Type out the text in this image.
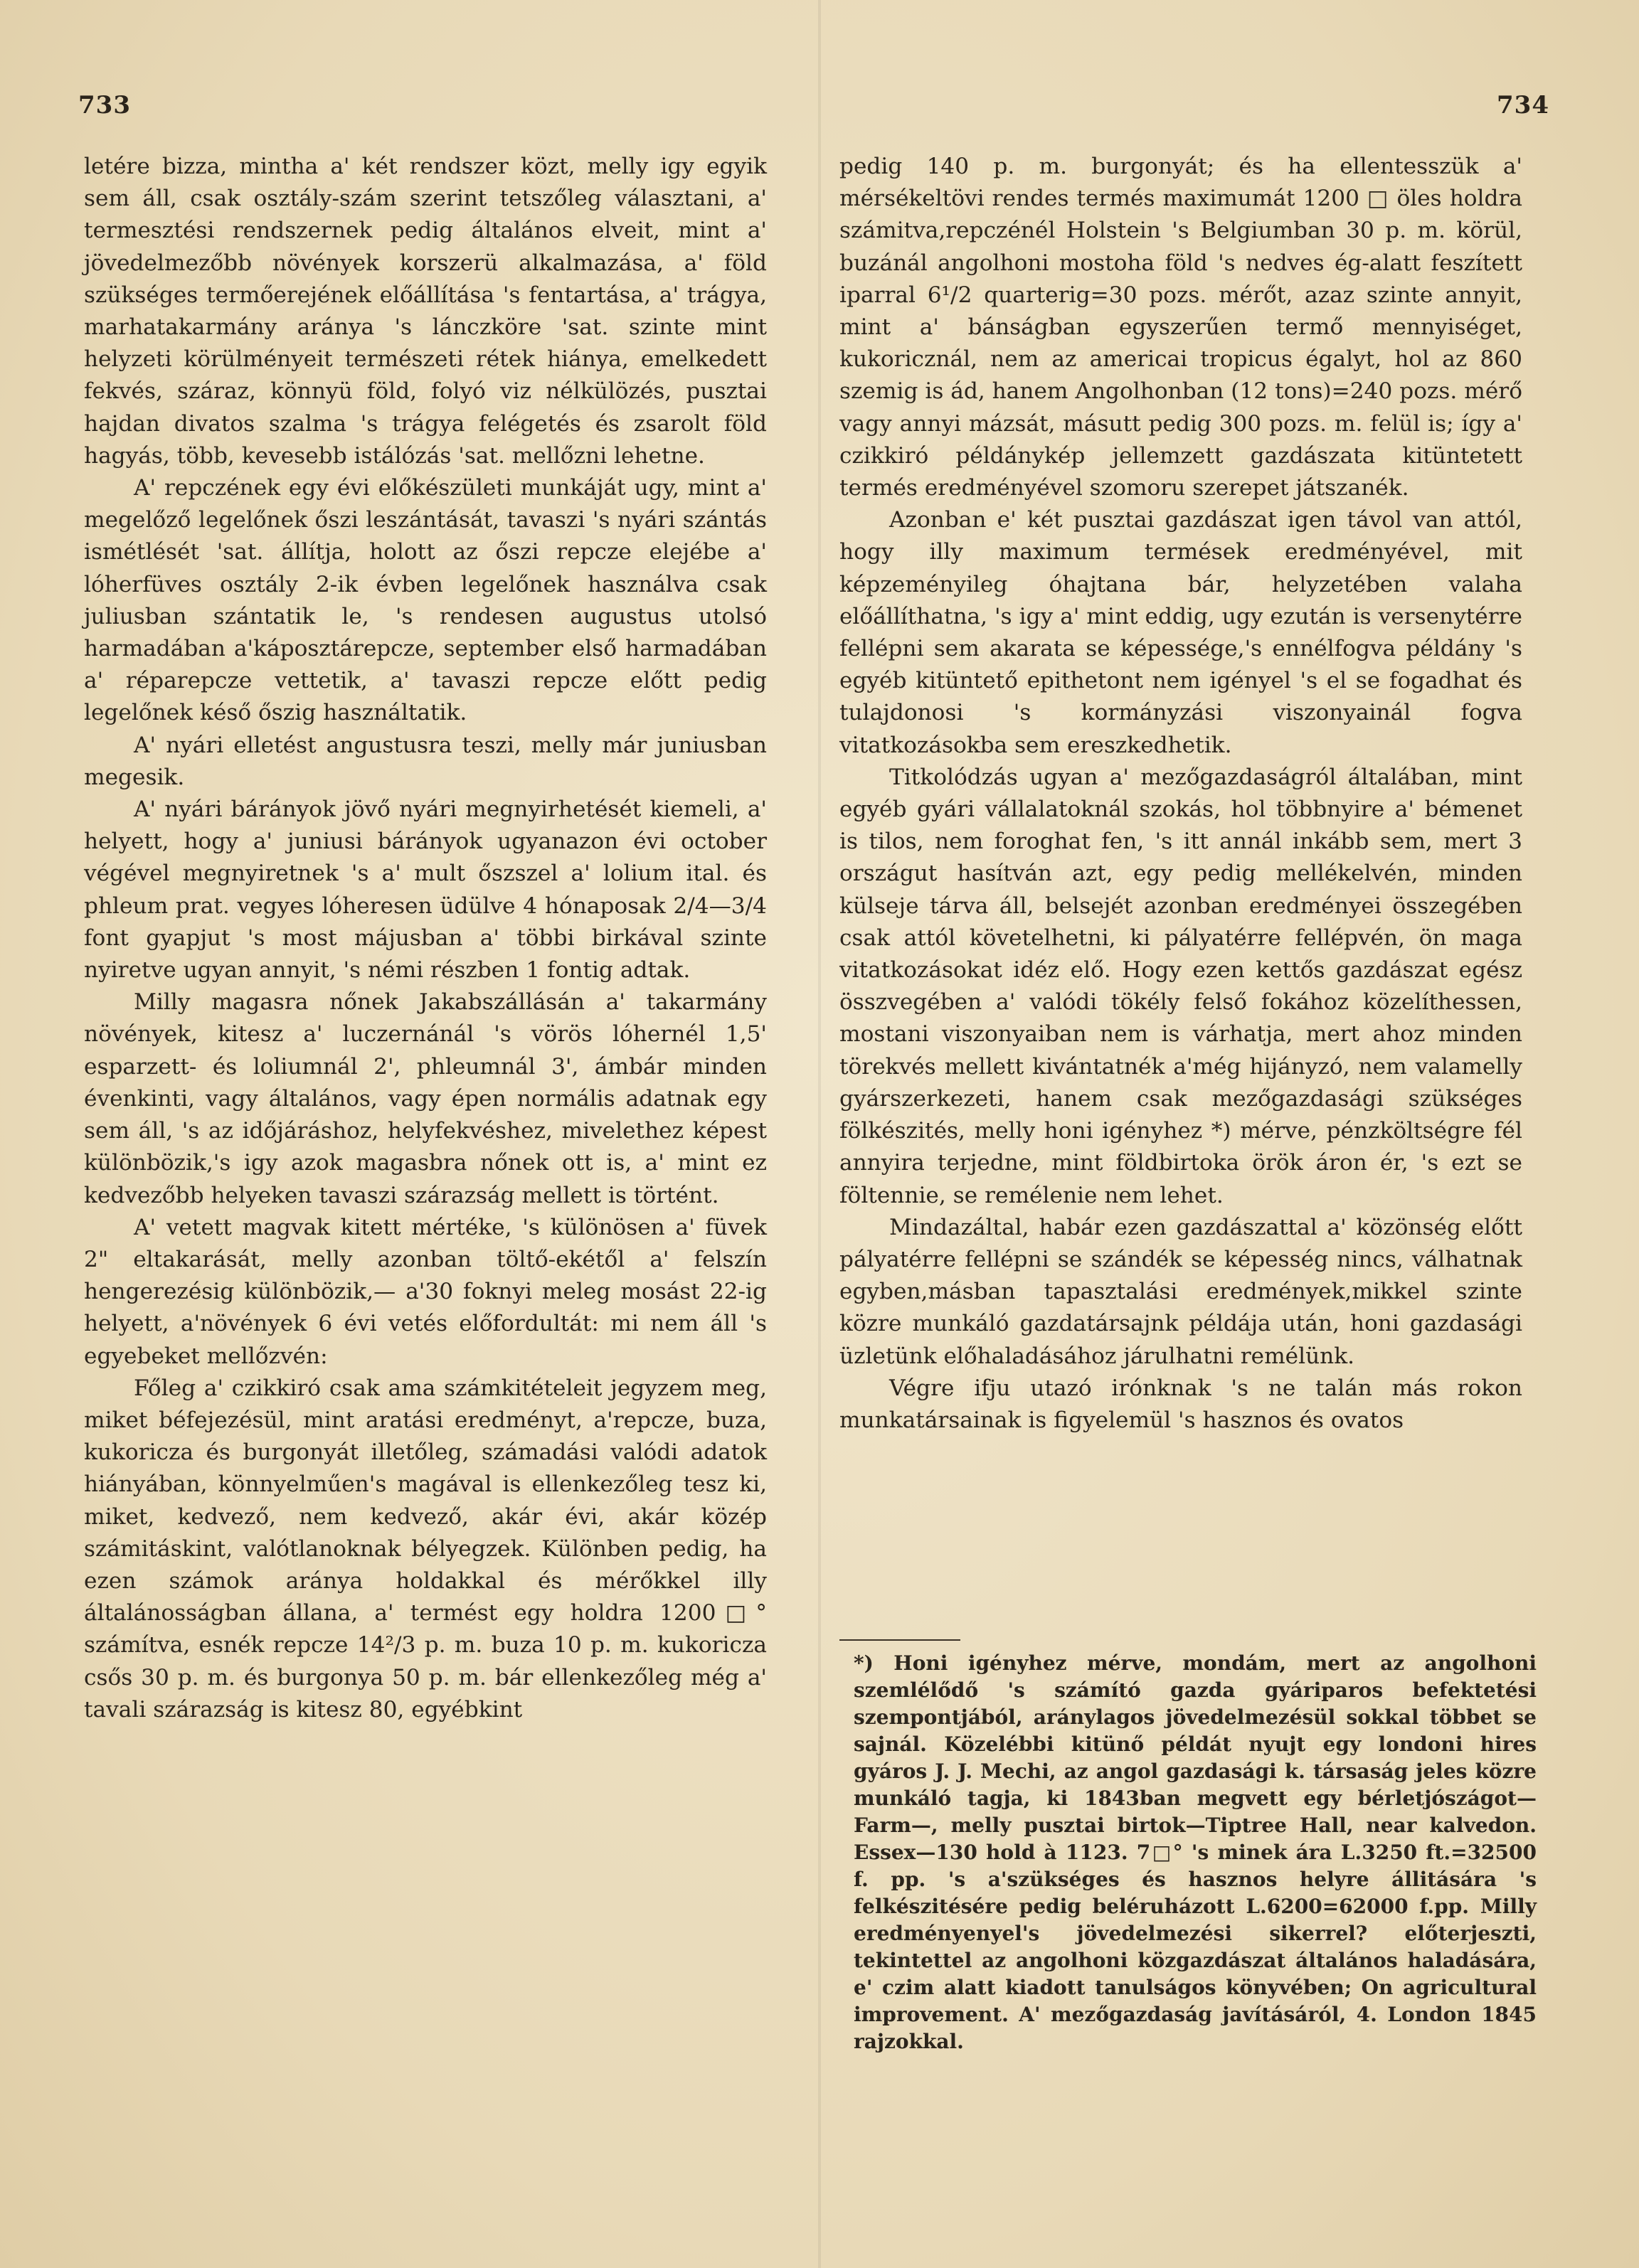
733	734

letére bizza, mintha a' két rendszer közt, melly igy egyik sem áll, csak osztály-szám szerint tetszőleg választani, a' termesztési rendszernek pedig általános elveit, mint a' jövedelmezőbb növények korszerü alkalmazása, a' föld szükséges termőerejének előállítása 's fentartása, a' trágya, marhatakarmány aránya 's lánczköre 'sat. szinte mint helyzeti körülményeit természeti rétek hiánya, emelkedett fekvés, száraz, könnyü föld, folyó viz nélkülözés, pusztai hajdan divatos szalma 's trágya felégetés és zsarolt föld hagyás, több, kevesebb istálózás 'sat. mellőzni lehetne.

A' repczének egy évi előkészületi munkáját ugy, mint a' megelőző legelőnek őszi leszántását, tavaszi 's nyári szántás ismétlését 'sat. állítja, holott az őszi repcze elejébe a' lóherfüves osztály 2-ik évben legelőnek használva csak juliusban szántatik le, 's rendesen augustus utolsó harmadában a'káposztárepcze, september első harmadában a' réparepcze vettetik, a' tavaszi repcze előtt pedig legelőnek késő őszig használtatik.

A' nyári elletést angustusra teszi, melly már juniusban megesik.

A' nyári bárányok jövő nyári megnyirhetését kiemeli, a' helyett, hogy a' juniusi bárányok ugyanazon évi october végével megnyiretnek 's a' mult őszszel a' lolium ital. és phleum prat. vegyes lóheresen üdülve 4 hónaposak 2/4—3/4 font gyapjut 's most májusban a' többi birkával szinte nyiretve ugyan annyit, 's némi részben 1 fontig adtak.

Milly magasra nőnek Jakabszállásán a' takarmány növények, kitesz a' luczernánál 's vörös lóhernél 1,5' esparzett- és loliumnál 2', phleumnál 3', ámbár minden évenkinti, vagy általános, vagy épen normális adatnak egy sem áll, 's az időjáráshoz, helyfekvéshez, mivelethez képest különbözik,'s igy azok magasbra nőnek ott is, a' mint ez kedvezőbb helyeken tavaszi szárazság mellett is történt.

A' vetett magvak kitett mértéke, 's különösen a' füvek 2" eltakarását, melly azonban töltő-ekétől a' felszín hengerezésig különbözik,— a'30 foknyi meleg mosást 22-ig helyett, a'növények 6 évi vetés előfordultát: mi nem áll 's egyebeket mellőzvén:

Főleg a' czikkiró csak ama számkitételeit jegyzem meg, miket béfejezésül, mint aratási eredményt, a'repcze, buza, kukoricza és burgonyát illetőleg, számadási valódi adatok hiányában, könnyelműen's magával is ellenkezőleg tesz ki, miket, kedvező, nem kedvező, akár évi, akár közép számitáskint, valótlanoknak bélyegzek. Különben pedig, ha ezen számok aránya holdakkal és mérőkkel illy általánosságban állana, a' termést egy holdra 1200□° számítva, esnék repcze 14²/3 p. m. buza 10 p. m. kukoricza csős 30 p. m. és burgonya 50 p. m. bár ellenkezőleg még a' tavali szárazság is kitesz 80, egyébkint

pedig 140 p. m. burgonyát; és ha ellentesszük a' mérsékeltövi rendes termés maximumát 1200 □ öles holdra számitva,repczénél Holstein 's Belgiumban 30 p. m. körül, buzánál angolhoni mostoha föld 's nedves ég-alatt feszített iparral 6¹/2 quarterig=30 pozs. mérőt, azaz szinte annyit, mint a' bánságban egyszerűen termő mennyiséget, kukoricznál, nem az americai tropicus égalyt, hol az 860 szemig is ád, hanem Angolhonban (12 tons)=240 pozs. mérő vagy annyi mázsát, másutt pedig 300 pozs. m. felül is; így a' czikkiró példánykép jellemzett gazdászata kitüntetett termés eredményével szomoru szerepet játszanék.

Azonban e' két pusztai gazdászat igen távol van attól, hogy illy maximum termések eredményével, mit képzeményileg óhajtana bár, helyzetében valaha előállíthatna, 's igy a' mint eddig, ugy ezután is versenytérre fellépni sem akarata se képessége,'s ennélfogva példány 's egyéb kitüntető epithetont nem igényel 's el se fogadhat és tulajdonosi 's kormányzási viszonyainál fogva vitatkozásokba sem ereszkedhetik.

Titkolódzás ugyan a' mezőgazdaságról általában, mint egyéb gyári vállalatoknál szokás, hol többnyire a' bémenet is tilos, nem foroghat fen, 's itt annál inkább sem, mert 3 országut hasítván azt, egy pedig mellékelvén, minden külseje tárva áll, belsejét azonban eredményei összegében csak attól követelhetni, ki pályatérre fellépvén, ön maga vitatkozásokat idéz elő. Hogy ezen kettős gazdászat egész összvegében a' valódi tökély felső fokához közelíthessen, mostani viszonyaiban nem is várhatja, mert ahoz minden törekvés mellett kivántatnék a'még hijányzó, nem valamelly gyárszerkezeti, hanem csak mezőgazdasági szükséges fölkészités, melly honi igényhez *) mérve, pénzköltségre fél annyira terjedne, mint földbirtoka örök áron ér, 's ezt se föltennie, se remélenie nem lehet.

Mindazáltal, habár ezen gazdászattal a' közönség előtt pályatérre fellépni se szándék se képesség nincs, válhatnak egyben,másban tapasztalási eredmények,mikkel szinte közre munkáló gazdatársajnk példája után, honi gazdasági üzletünk előhaladásához járulhatni remélünk.

Végre ifju utazó irónknak 's ne talán más rokon munkatársainak is figyelemül 's hasznos és ovatos

*) Honi igényhez mérve, mondám, mert az angolhoni szemlélődő 's számító gazda gyáriparos befektetési szempontjából, aránylagos jövedelmezésül sokkal többet se sajnál. Közelébbi kitünő példát nyujt egy londoni hires gyáros J. J. Mechi, az angol gazdasági k. társaság jeles közre munkáló tagja, ki 1843ban megvett egy bérletjószágot—Farm—, melly pusztai birtok—Tiptree Hall, near kalvedon. Essex—130 hold à 1123. 7□° 's minek ára L.3250 ft.=32500 f. pp. 's a'szükséges és hasznos helyre állitására 's felkészitésére pedig beléruházott L.6200=62000 f.pp. Milly eredményenyel's jövedelmezési sikerrel? előterjeszti, tekintettel az angolhoni közgazdászat általános haladására, e' czim alatt kiadott tanulságos könyvében; On agricultural improvement. A' mezőgazdaság javításáról, 4. London 1845 rajzokkal.
